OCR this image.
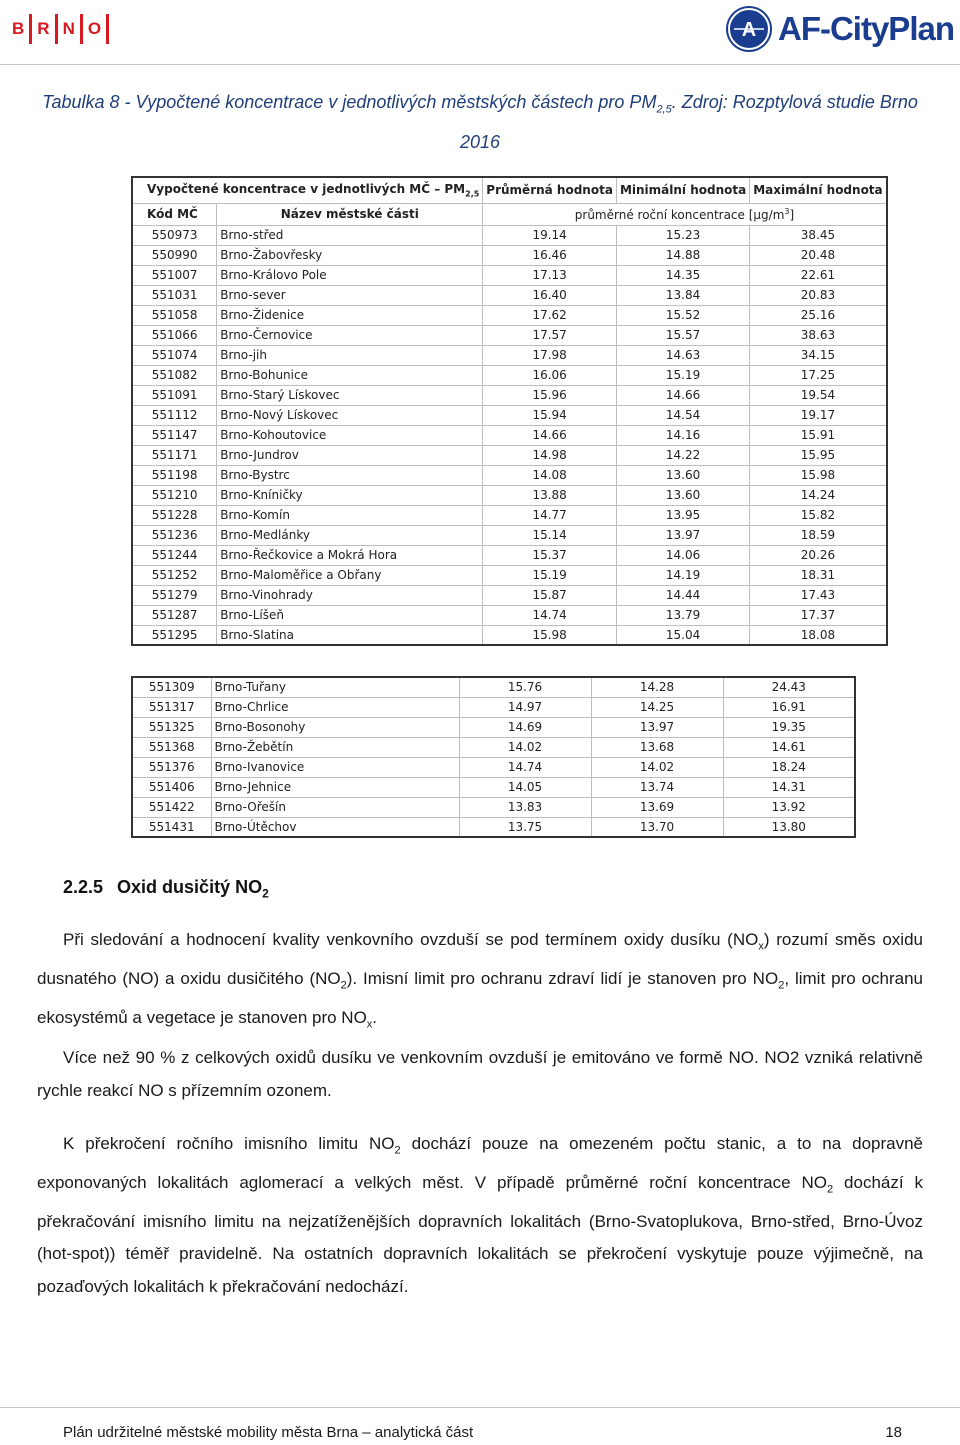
B R N O	A AF-CityPlan
Tabulka 8 - Vypočtené koncentrace v jednotlivých městských částech pro $PM_{2,5}$. Zdroj: Rozptylová studie Brno 2016
Vypočtené koncentrace v jednotlivých MČ – $PM_{2,5}$		Průměrná hodnota	Minimální hodnota	Maximální hodnota
Kód MČ	Název městské části	průměrné roční koncentrace $[\mu g/m^3]$		
550973	Brno-střed	19.14	15.23	38.45
550990	Brno-Žabovřesky	16.46	14.88	20.48
551007	Brno-Královo Pole	17.13	14.35	22.61
551031	Brno-sever	16.40	13.84	20.83
551058	Brno-Židenice	17.62	15.52	25.16
551066	Brno-Černovice	17.57	15.57	38.63
551074	Brno-jih	17.98	14.63	34.15
551082	Brno-Bohunice	16.06	15.19	17.25
551091	Brno-Starý Lískovec	15.96	14.66	19.54
551112	Brno-Nový Lískovec	15.94	14.54	19.17
551147	Brno-Kohoutovice	14.66	14.16	15.91
551171	Brno-Jundrov	14.98	14.22	15.95
551198	Brno-Bystrc	14.08	13.60	15.98
551210	Brno-Kníničky	13.88	13.60	14.24
551228	Brno-Komín	14.77	13.95	15.82
551236	Brno-Medlánky	15.14	13.97	18.59
551244	Brno-Řečkovice a Mokrá Hora	15.37	14.06	20.26
551252	Brno-Maloměřice a Obřany	15.19	14.19	18.31
551279	Brno-Vinohrady	15.87	14.44	17.43
551287	Brno-Líšeň	14.74	13.79	17.37
551295	Brno-Slatina	15.98	15.04	18.08
551309	Brno-Tuřany	15.76	14.28	24.43
551317	Brno-Chrlice	14.97	14.25	16.91
551325	Brno-Bosonohy	14.69	13.97	19.35
551368	Brno-Žebětín	14.02	13.68	14.61
551376	Brno-Ivanovice	14.74	14.02	18.24
551406	Brno-Jehnice	14.05	13.74	14.31
551422	Brno-Ořešín	13.83	13.69	13.92
551431	Brno-Útěchov	13.75	13.70	13.80
2.2.5 Oxid dusičitý $NO_2$
Při sledování a hodnocení kvality venkovního ovzduší se pod termínem oxidy dusíku $(NO_x)$ rozumí směs oxidu dusnatého (NO) a oxidu dusičitého $(NO_2)$. Imisní limit pro ochranu zdraví lidí je stanoven pro $NO_2$, limit pro ochranu ekosystémů a vegetace je stanoven pro $NO_x$.
Více než 90 % z celkových oxidů dusíku ve venkovním ovzduší je emitováno ve formě NO. NO2 vzniká relativně rychle reakcí NO s přízemním ozonem.
K překročení ročního imisního limitu $NO_2$ dochází pouze na omezeném počtu stanic, a to na dopravně exponovaných lokalitách aglomerací a velkých měst. V případě průměrné roční koncentrace $NO_2$ dochází k překračování imisního limitu na nejzatíženějších dopravních lokalitách (Brno-Svatoplukova, Brno-střed, Brno-Úvoz (hot-spot)) téměř pravidelně. Na ostatních dopravních lokalitách se překročení vyskytuje pouze výjimečně, na pozaďových lokalitách k překračování nedochází.
Plán udržitelné městské mobility města Brna – analytická část	18
